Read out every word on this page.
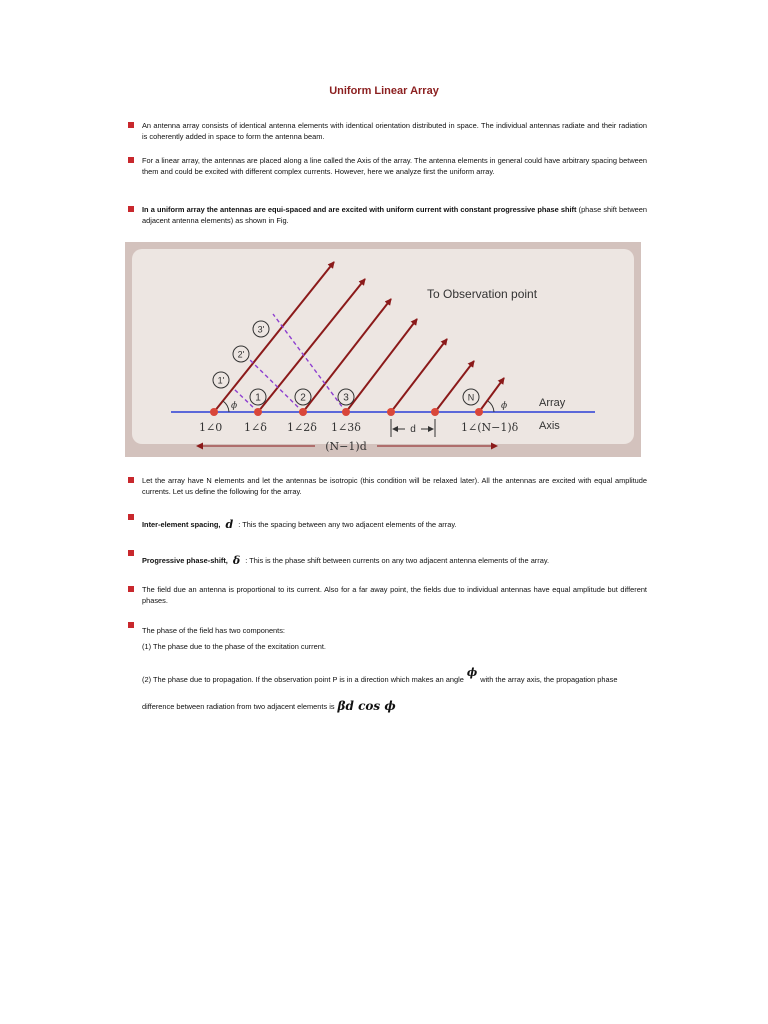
Uniform Linear Array
An antenna array consists of identical antenna elements with identical orientation distributed in space. The individual antennas radiate and their radiation is coherently added in space to form the antenna beam.
For a linear array, the antennas are placed along a line called the Axis of the array. The antenna elements in general could have arbitrary spacing between them and could be excited with different complex currents. However, here we analyze first the uniform array.
In a uniform array the antennas are equi-spaced and are excited with uniform current with constant progressive phase shift (phase shift between adjacent antenna elements) as shown in Fig.
1	2	3	N
1'
2'
3'
ϕ	ϕ
To Observation point
Array
Axis
1∠0 1∠δ 1∠2δ 1∠3δ	1∠(N−1)δ
d
(N−1)d
Let the array have N elements and let the antennas be isotropic (this condition will be relaxed later). All the antennas are excited with equal amplitude currents. Let us define the following for the array.
Inter-element spacing, d : This the spacing between any two adjacent elements of the array.
Progressive phase-shift, δ : This is the phase shift between currents on any two adjacent antenna elements of the array.
The field due an antenna is proportional to its current. Also for a far away point, the fields due to individual antennas have equal amplitude but different phases.
The phase of the field has two components:
(1) The phase due to the phase of the excitation current.
(2) The phase due to propagation. If the observation point P is in a direction which makes an angleϕwith the array axis, the propagation phase difference between radiation from two adjacent elements is βd cos ϕ
